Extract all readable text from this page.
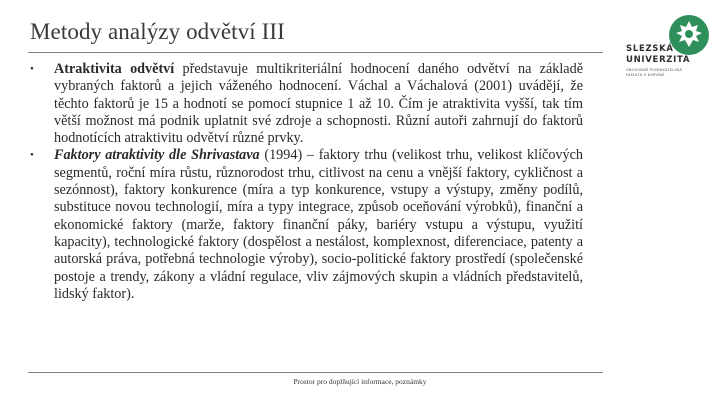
Metody analýzy odvětví III
SLEZSKÁ
UNIVERZITA
OBCHODNĚ PODNIKATELSKÁ
FAKULTA V KARVINÉ
• Atraktivita odvětví představuje multikriteriální hodnocení daného odvětví na základě vybraných faktorů a jejich váženého hodnocení. Váchal a Váchalová (2001) uvádějí, že těchto faktorů je 15 a hodnotí se pomocí stupnice 1 až 10. Čím je atraktivita vyšší, tak tím větší možnost má podnik uplatnit své zdroje a schopnosti. Různí autoři zahrnují do faktorů hodnotících atraktivitu odvětví různé prvky.
• Faktory atraktivity dle Shrivastava (1994) – faktory trhu (velikost trhu, velikost klíčových segmentů, roční míra růstu, různorodost trhu, citlivost na cenu a vnější faktory, cykličnost a sezónnost), faktory konkurence (míra a typ konkurence, vstupy a výstupy, změny podílů, substituce novou technologií, míra a typy integrace, způsob oceňování výrobků), finanční a ekonomické faktory (marže, faktory finanční páky, bariéry vstupu a výstupu, využití kapacity), technologické faktory (dospělost a nestálost, komplexnost, diferenciace, patenty a autorská práva, potřebná technologie výroby), socio-politické faktory prostředí (společenské postoje a trendy, zákony a vládní regulace, vliv zájmových skupin a vládních představitelů, lidský faktor).
Prostor pro doplňující informace, poznámky
